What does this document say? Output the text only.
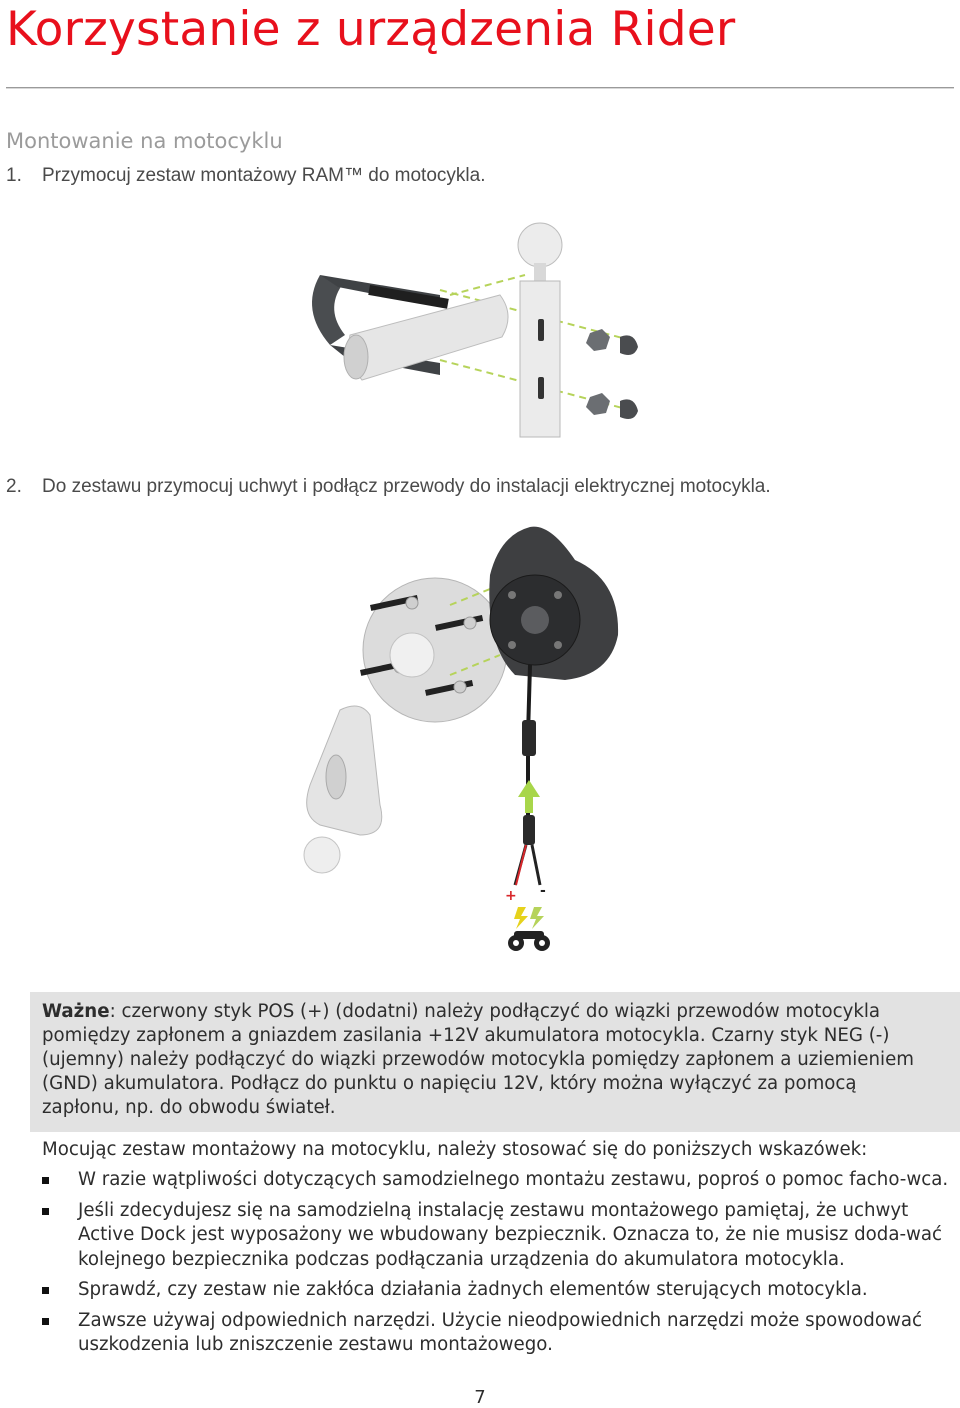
Korzystanie z urządzenia Rider
Montowanie na motocyklu
1. Przymocuj zestaw montażowy RAM™ do motocykla.
2. Do zestawu przymocuj uchwyt i podłącz przewody do instalacji elektrycznej motocykla.
+ -
Ważne: czerwony styk POS (+) (dodatni) należy podłączyć do wiązki przewodów motocykla
pomiędzy zapłonem a gniazdem zasilania +12V akumulatora motocykla. Czarny styk NEG (-)
(ujemny) należy podłączyć do wiązki przewodów motocykla pomiędzy zapłonem a uziemieniem
(GND) akumulatora. Podłącz do punktu o napięciu 12V, który można wyłączyć za pomocą
zapłonu, np. do obwodu świateł.
Mocując zestaw montażowy na motocyklu, należy stosować się do poniższych wskazówek:
W razie wątpliwości dotyczących samodzielnego montażu zestawu, poproś o pomoc facho-wca.
Jeśli zdecydujesz się na samodzielną instalację zestawu montażowego pamiętaj, że uchwyt Active Dock jest wyposażony we wbudowany bezpiecznik. Oznacza to, że nie musisz doda-wać kolejnego bezpiecznika podczas podłączania urządzenia do akumulatora motocykla.
Sprawdź, czy zestaw nie zakłóca działania żadnych elementów sterujących motocykla.
Zawsze używaj odpowiednich narzędzi. Użycie nieodpowiednich narzędzi może spowodować uszkodzenia lub zniszczenie zestawu montażowego.
7
